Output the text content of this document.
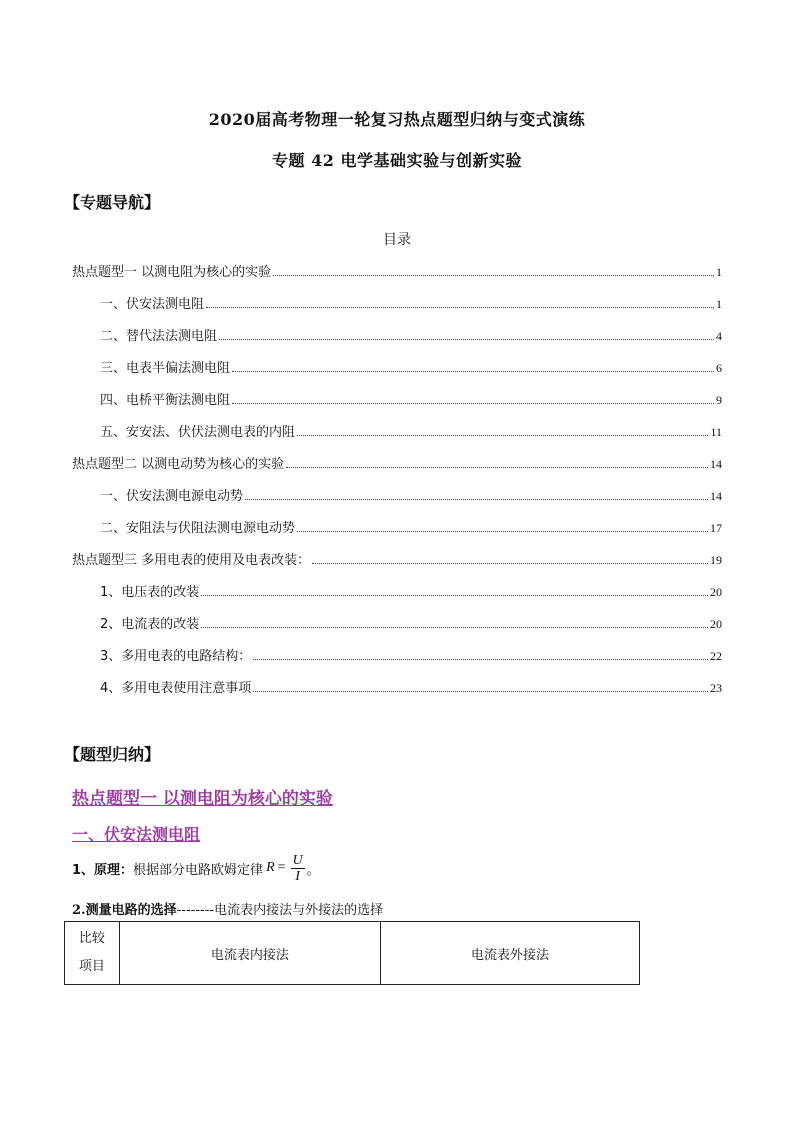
2020届高考物理一轮复习热点题型归纳与变式演练
专题 42 电学基础实验与创新实验
【专题导航】
目录
热点题型一 以测电阻为核心的实验	1
一、伏安法测电阻	1
二、替代法法测电阻	4
三、电表半偏法测电阻	6
四、电桥平衡法测电阻	9
五、安安法、伏伏法测电表的内阻	11
热点题型二 以测电动势为核心的实验	14
一、伏安法测电源电动势	14
二、安阻法与伏阻法测电源电动势	17
热点题型三 多用电表的使用及电表改装：	19
1、电压表的改装	20
2、电流表的改装	20
3、多用电表的电路结构：	22
4、多用电表使用注意事项	23
【题型归纳】
热点题型一 以测电阻为核心的实验
一、伏安法测电阻
1、原理： 根据部分电路欧姆定律 $R = \frac{U}{I}$ 。
2.测量电路的选择--------电流表内接法与外接法的选择
比较
项目
	电流表内接法	电流表外接法
